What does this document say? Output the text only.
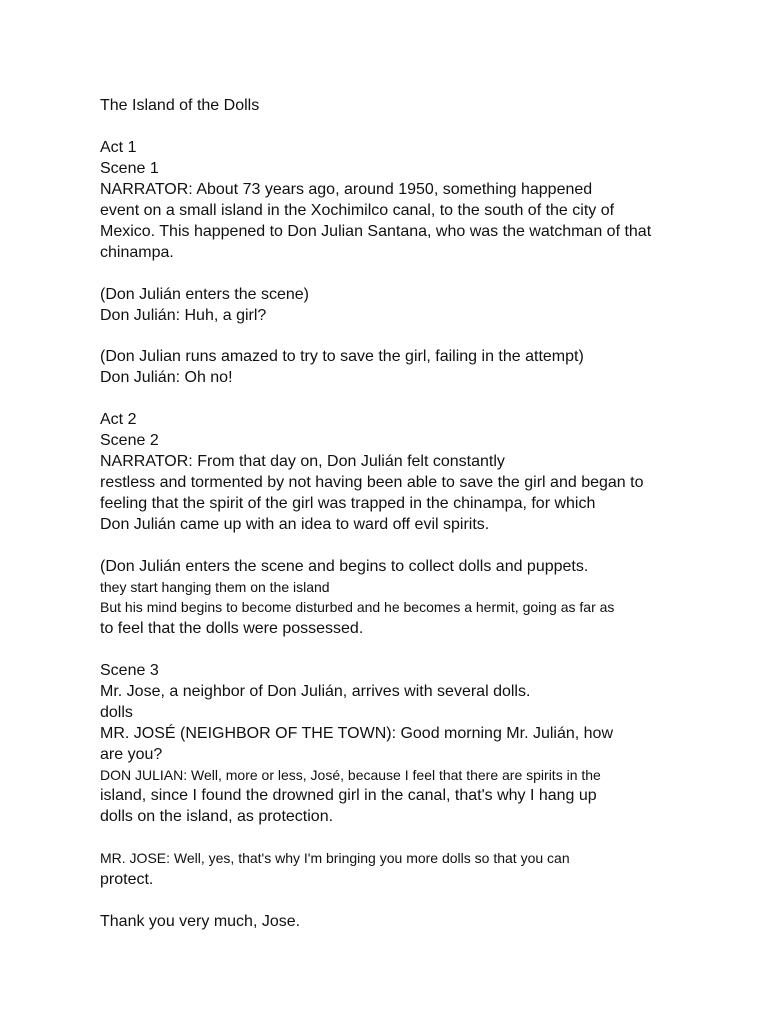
The Island of the Dolls
Act 1
Scene 1
NARRATOR: About 73 years ago, around 1950, something happened
event on a small island in the Xochimilco canal, to the south of the city of
Mexico. This happened to Don Julian Santana, who was the watchman of that
chinampa.
(Don Julián enters the scene)
Don Julián: Huh, a girl?
(Don Julian runs amazed to try to save the girl, failing in the attempt)
Don Julián: Oh no!
Act 2
Scene 2
NARRATOR: From that day on, Don Julián felt constantly
restless and tormented by not having been able to save the girl and began to
feeling that the spirit of the girl was trapped in the chinampa, for which
Don Julián came up with an idea to ward off evil spirits.
(Don Julián enters the scene and begins to collect dolls and puppets.
they start hanging them on the island
But his mind begins to become disturbed and he becomes a hermit, going as far as
to feel that the dolls were possessed.
Scene 3
Mr. Jose, a neighbor of Don Julián, arrives with several dolls.
dolls
MR. JOSÉ (NEIGHBOR OF THE TOWN): Good morning Mr. Julián, how
are you?
DON JULIAN: Well, more or less, José, because I feel that there are spirits in the
island, since I found the drowned girl in the canal, that's why I hang up
dolls on the island, as protection.
MR. JOSE: Well, yes, that's why I'm bringing you more dolls so that you can
protect.
Thank you very much, Jose.
